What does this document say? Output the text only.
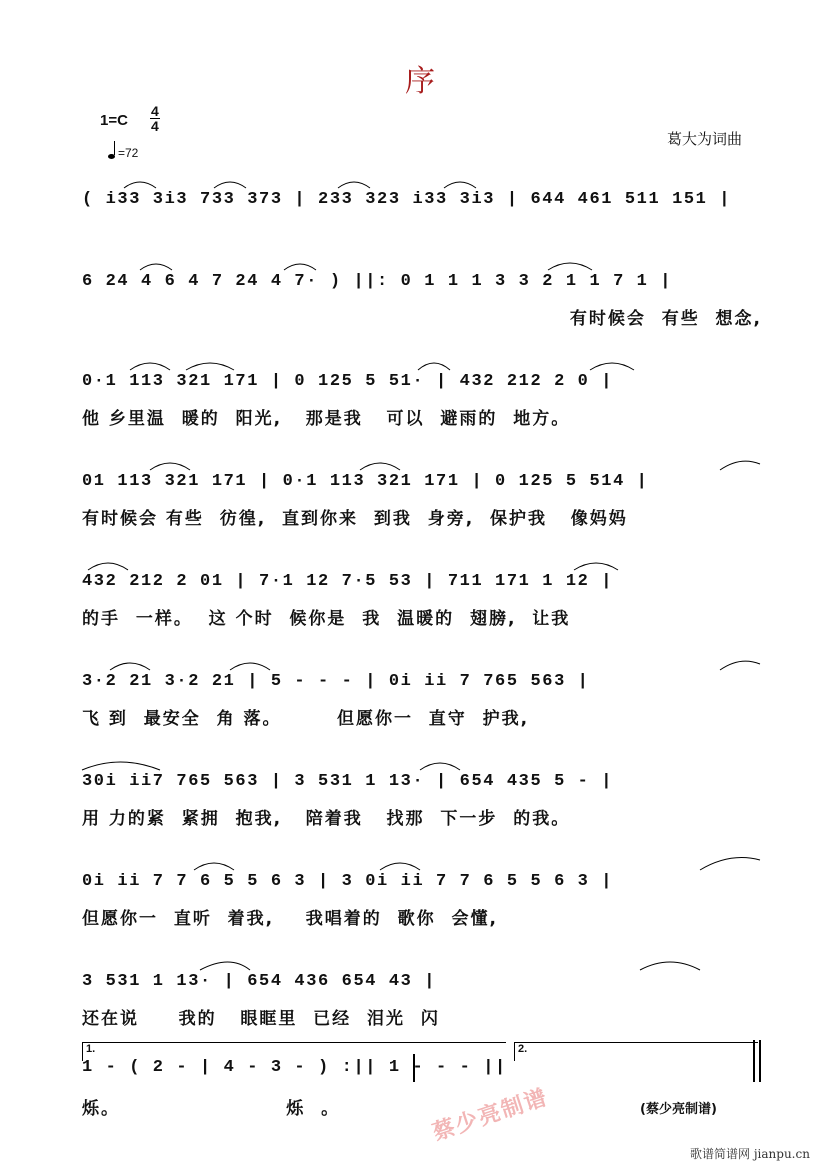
序
1=C
4
4
=72
葛大为词曲
( i33 3i3 733 373 | 233 323 i33 3i3 | 644 461 511 151 |
6 24 4 6 4 7 24 4 7· ) ||: 0 1 1 1 3 3 2 1 1 7 1 |
有时候会  有些  想念,
0·1 113 321 171 | 0 125 5 51· | 432 212 2 0 |
他 乡里温  暖的  阳光,   那是我   可以  避雨的  地方。
01 113 321 171 | 0·1 113 321 171 | 0 125 5 514 |
有时候会 有些  彷徨,  直到你来  到我  身旁,  保护我   像妈妈
432 212 2 01 | 7·1 12 7·5 53 | 711 171 1 12 |
的手  一样。  这 个时  候你是  我  温暖的  翅膀,  让我
3·2 21 3·2 21 | 5 - - - | 0i ii 7 765 563 |
飞 到  最安全  角 落。       但愿你一  直守  护我,
30i ii7 765 563 | 3 531 1 13· | 654 435 5 - |
用 力的紧  紧拥  抱我,   陪着我   找那  下一步  的我。
0i ii 7 7 6 5 5 6 3 | 3 0i ii 7 7 6 5 5 6 3 |
但愿你一  直听  着我,    我唱着的  歌你  会懂,
3 531 1 13· | 654 436 654 43 |
还在说     我的   眼眶里  已经  泪光  闪
1.	2.
1 - ( 2 - | 4 - 3 - ) :|| 1 - - - ||
烁。                     烁  。	蔡少亮制谱	(蔡少亮制谱)
歌谱简谱网 jianpu.cn
